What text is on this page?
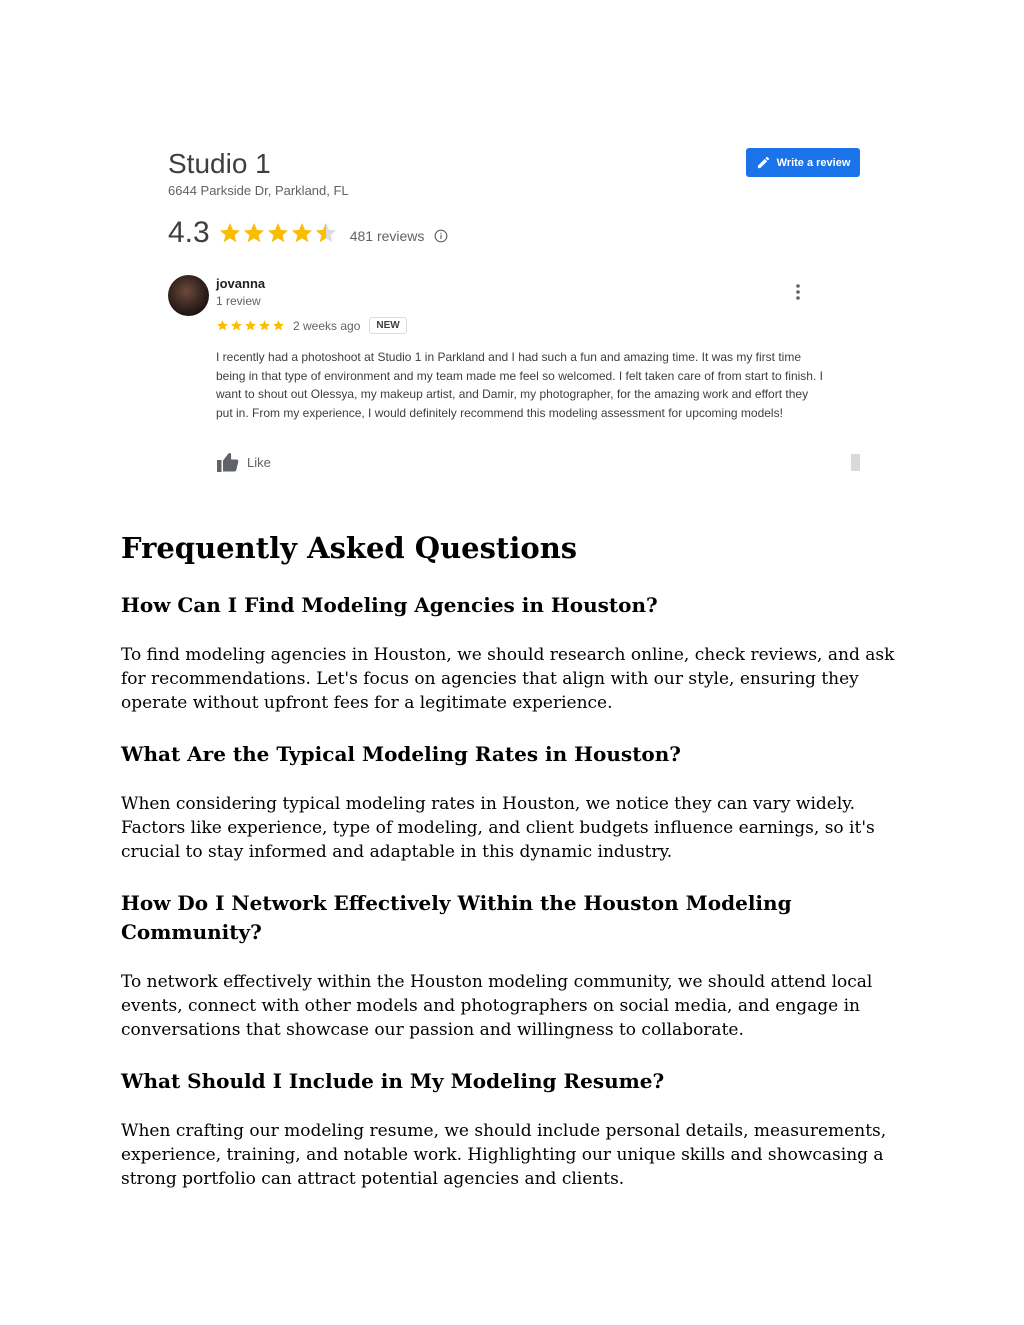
Studio 1
6644 Parkside Dr, Parkland, FL
Write a review
4.3	481 reviews
jovanna
1 review
2 weeks ago	NEW

I recently had a photoshoot at Studio 1 in Parkland and I had such a fun and amazing time. It was my first time being in that type of environment and my team made me feel so welcomed. I felt taken care of from start to finish. I want to shout out Olessya, my makeup artist, and Damir, my photographer, for the amazing work and effort they put in. From my experience, I would definitely recommend this modeling assessment for upcoming models!

Like
Frequently Asked Questions
How Can I Find Modeling Agencies in Houston?

To find modeling agencies in Houston, we should research online, check reviews, and ask for recommendations. Let's focus on agencies that align with our style, ensuring they operate without upfront fees for a legitimate experience.

What Are the Typical Modeling Rates in Houston?

When considering typical modeling rates in Houston, we notice they can vary widely. Factors like experience, type of modeling, and client budgets influence earnings, so it's crucial to stay informed and adaptable in this dynamic industry.

How Do I Network Effectively Within the Houston Modeling Community?

To network effectively within the Houston modeling community, we should attend local events, connect with other models and photographers on social media, and engage in conversations that showcase our passion and willingness to collaborate.

What Should I Include in My Modeling Resume?

When crafting our modeling resume, we should include personal details, measurements, experience, training, and notable work. Highlighting our unique skills and showcasing a strong portfolio can attract potential agencies and clients.
